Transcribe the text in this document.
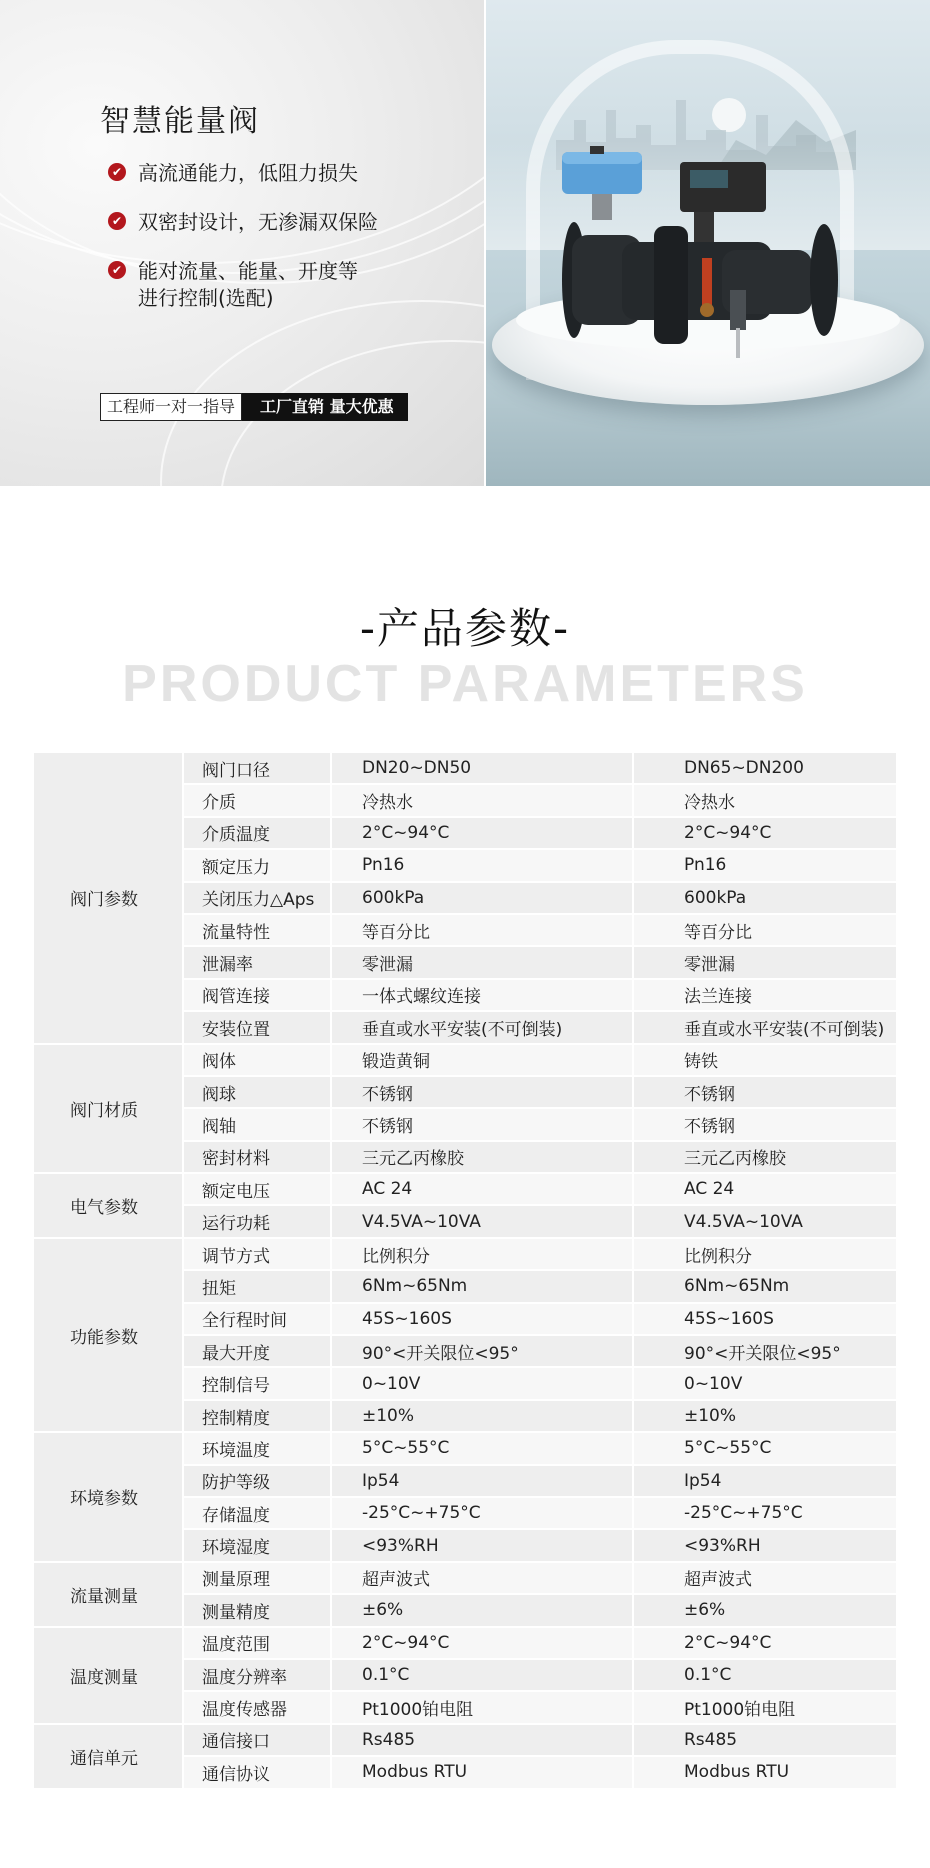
智慧能量阀
✔ 高流通能力，低阻力损失
✔ 双密封设计，无渗漏双保险
✔ 能对流量、能量、开度等
进行控制(选配)
工程师一对一指导	工厂直销 量大优惠
-产品参数-
PRODUCT PARAMETERS
阀门参数
阀门口径	DN20~DN50	DN65~DN200
介质	冷热水	冷热水
介质温度	2°C~94°C	2°C~94°C
额定压力	Pn16	Pn16
关闭压力△Aps	600kPa	600kPa
流量特性	等百分比	等百分比
泄漏率	零泄漏	零泄漏
阀管连接	一体式螺纹连接	法兰连接
安装位置	垂直或水平安装(不可倒装)	垂直或水平安装(不可倒装)
阀门材质
阀体	锻造黄铜	铸铁
阀球	不锈钢	不锈钢
阀轴	不锈钢	不锈钢
密封材料	三元乙丙橡胶	三元乙丙橡胶
电气参数
额定电压	AC 24	AC 24
运行功耗	V4.5VA~10VA	V4.5VA~10VA
功能参数
调节方式	比例积分	比例积分
扭矩	6Nm~65Nm	6Nm~65Nm
全行程时间	45S~160S	45S~160S
最大开度	90°<开关限位<95°	90°<开关限位<95°
控制信号	0~10V	0~10V
控制精度	±10%	±10%
环境参数
环境温度	5°C~55°C	5°C~55°C
防护等级	Ip54	Ip54
存储温度	-25°C~+75°C	-25°C~+75°C
环境湿度	<93%RH	<93%RH
流量测量
测量原理	超声波式	超声波式
测量精度	±6%	±6%
温度测量
温度范围	2°C~94°C	2°C~94°C
温度分辨率	0.1°C	0.1°C
温度传感器	Pt1000铂电阻	Pt1000铂电阻
通信单元
通信接口	Rs485	Rs485
通信协议	Modbus RTU	Modbus RTU
